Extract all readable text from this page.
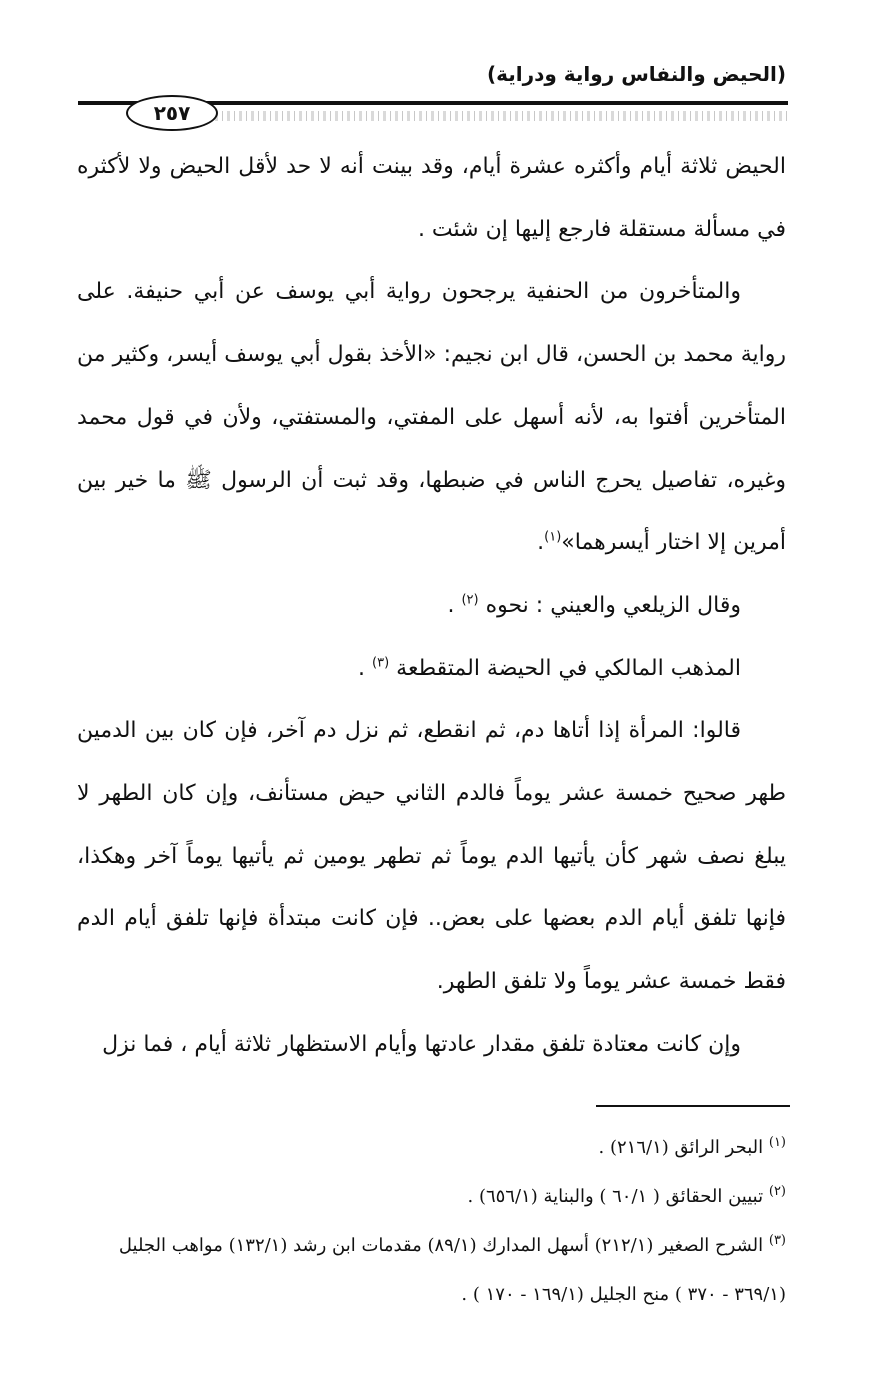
(الحيض والنفاس رواية ودراية)
٢٥٧

الحيض ثلاثة أيام وأكثره عشرة أيام، وقد بينت أنه لا حد لأقل الحيض ولا لأكثره في مسألة مستقلة فارجع إليها إن شئت .

والمتأخرون من الحنفية يرجحون رواية أبي يوسف عن أبي حنيفة. على رواية محمد بن الحسن، قال ابن نجيم: «الأخذ بقول أبي يوسف أيسر، وكثير من المتأخرين أفتوا به، لأنه أسهل على المفتي، والمستفتي، ولأن في قول محمد وغيره، تفاصيل يحرج الناس في ضبطها، وقد ثبت أن الرسول ﷺ ما خير بين أمرين إلا اختار أيسرهما»$^{(١)}$.

وقال الزيلعي والعيني : نحوه $^{(٢)}$ .

المذهب المالكي في الحيضة المتقطعة $^{(٣)}$ .

قالوا: المرأة إذا أتاها دم، ثم انقطع، ثم نزل دم آخر، فإن كان بين الدمين طهر صحيح خمسة عشر يوماً فالدم الثاني حيض مستأنف، وإن كان الطهر لا يبلغ نصف شهر كأن يأتيها الدم يوماً ثم تطهر يومين ثم يأتيها يوماً آخر وهكذا، فإنها تلفق أيام الدم بعضها على بعض.. فإن كانت مبتدأة فإنها تلفق أيام الدم فقط خمسة عشر يوماً ولا تلفق الطهر.

وإن كانت معتادة تلفق مقدار عادتها وأيام الاستظهار ثلاثة أيام ، فما نزل

$^{(١)}$ البحر الرائق (٢١٦/١) .

$^{(٢)}$ تبيين الحقائق ( ٦٠/١ ) والبناية (٦٥٦/١) .

$^{(٣)}$ الشرح الصغير (٢١٢/١) أسهل المدارك (٨٩/١) مقدمات ابن رشد (١٣٢/١) مواهب الجليل (٣٦٩/١ - ٣٧٠ ) منح الجليل (١٦٩/١ - ١٧٠ ) .
